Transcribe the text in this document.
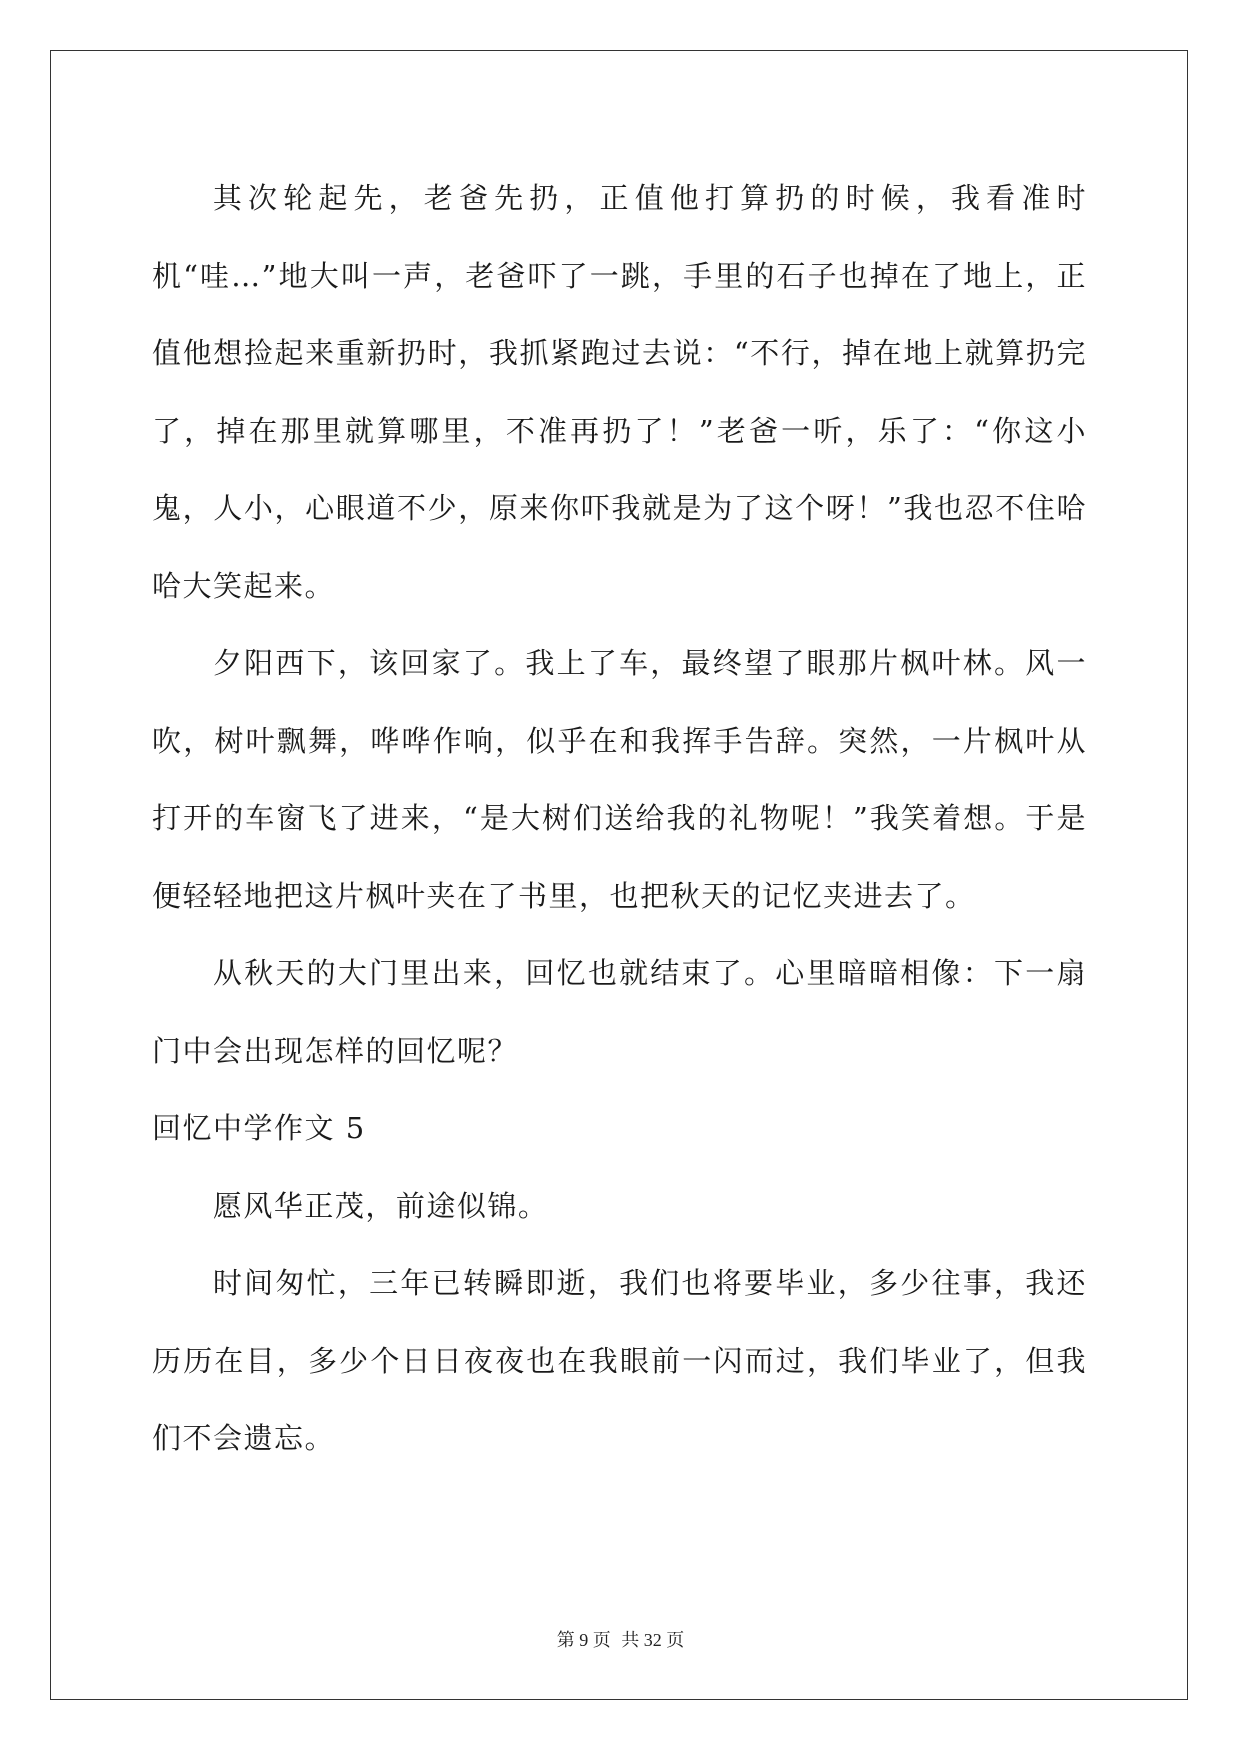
其次轮起先，老爸先扔，正值他打算扔的时候，我看准时机“哇…”地大叫一声，老爸吓了一跳，手里的石子也掉在了地上，正值他想捡起来重新扔时，我抓紧跑过去说：“不行，掉在地上就算扔完了，掉在那里就算哪里，不准再扔了！”老爸一听，乐了：“你这小鬼，人小，心眼道不少，原来你吓我就是为了这个呀！”我也忍不住哈哈大笑起来。

夕阳西下，该回家了。我上了车，最终望了眼那片枫叶林。风一吹，树叶飘舞，哗哗作响，似乎在和我挥手告辞。突然，一片枫叶从打开的车窗飞了进来，“是大树们送给我的礼物呢！”我笑着想。于是便轻轻地把这片枫叶夹在了书里，也把秋天的记忆夹进去了。

从秋天的大门里出来，回忆也就结束了。心里暗暗相像：下一扇门中会出现怎样的回忆呢？

回忆中学作文 5

愿风华正茂，前途似锦。

时间匆忙，三年已转瞬即逝，我们也将要毕业，多少往事，我还历历在目，多少个日日夜夜也在我眼前一闪而过，我们毕业了，但我们不会遗忘。

第 9 页 共 32 页
